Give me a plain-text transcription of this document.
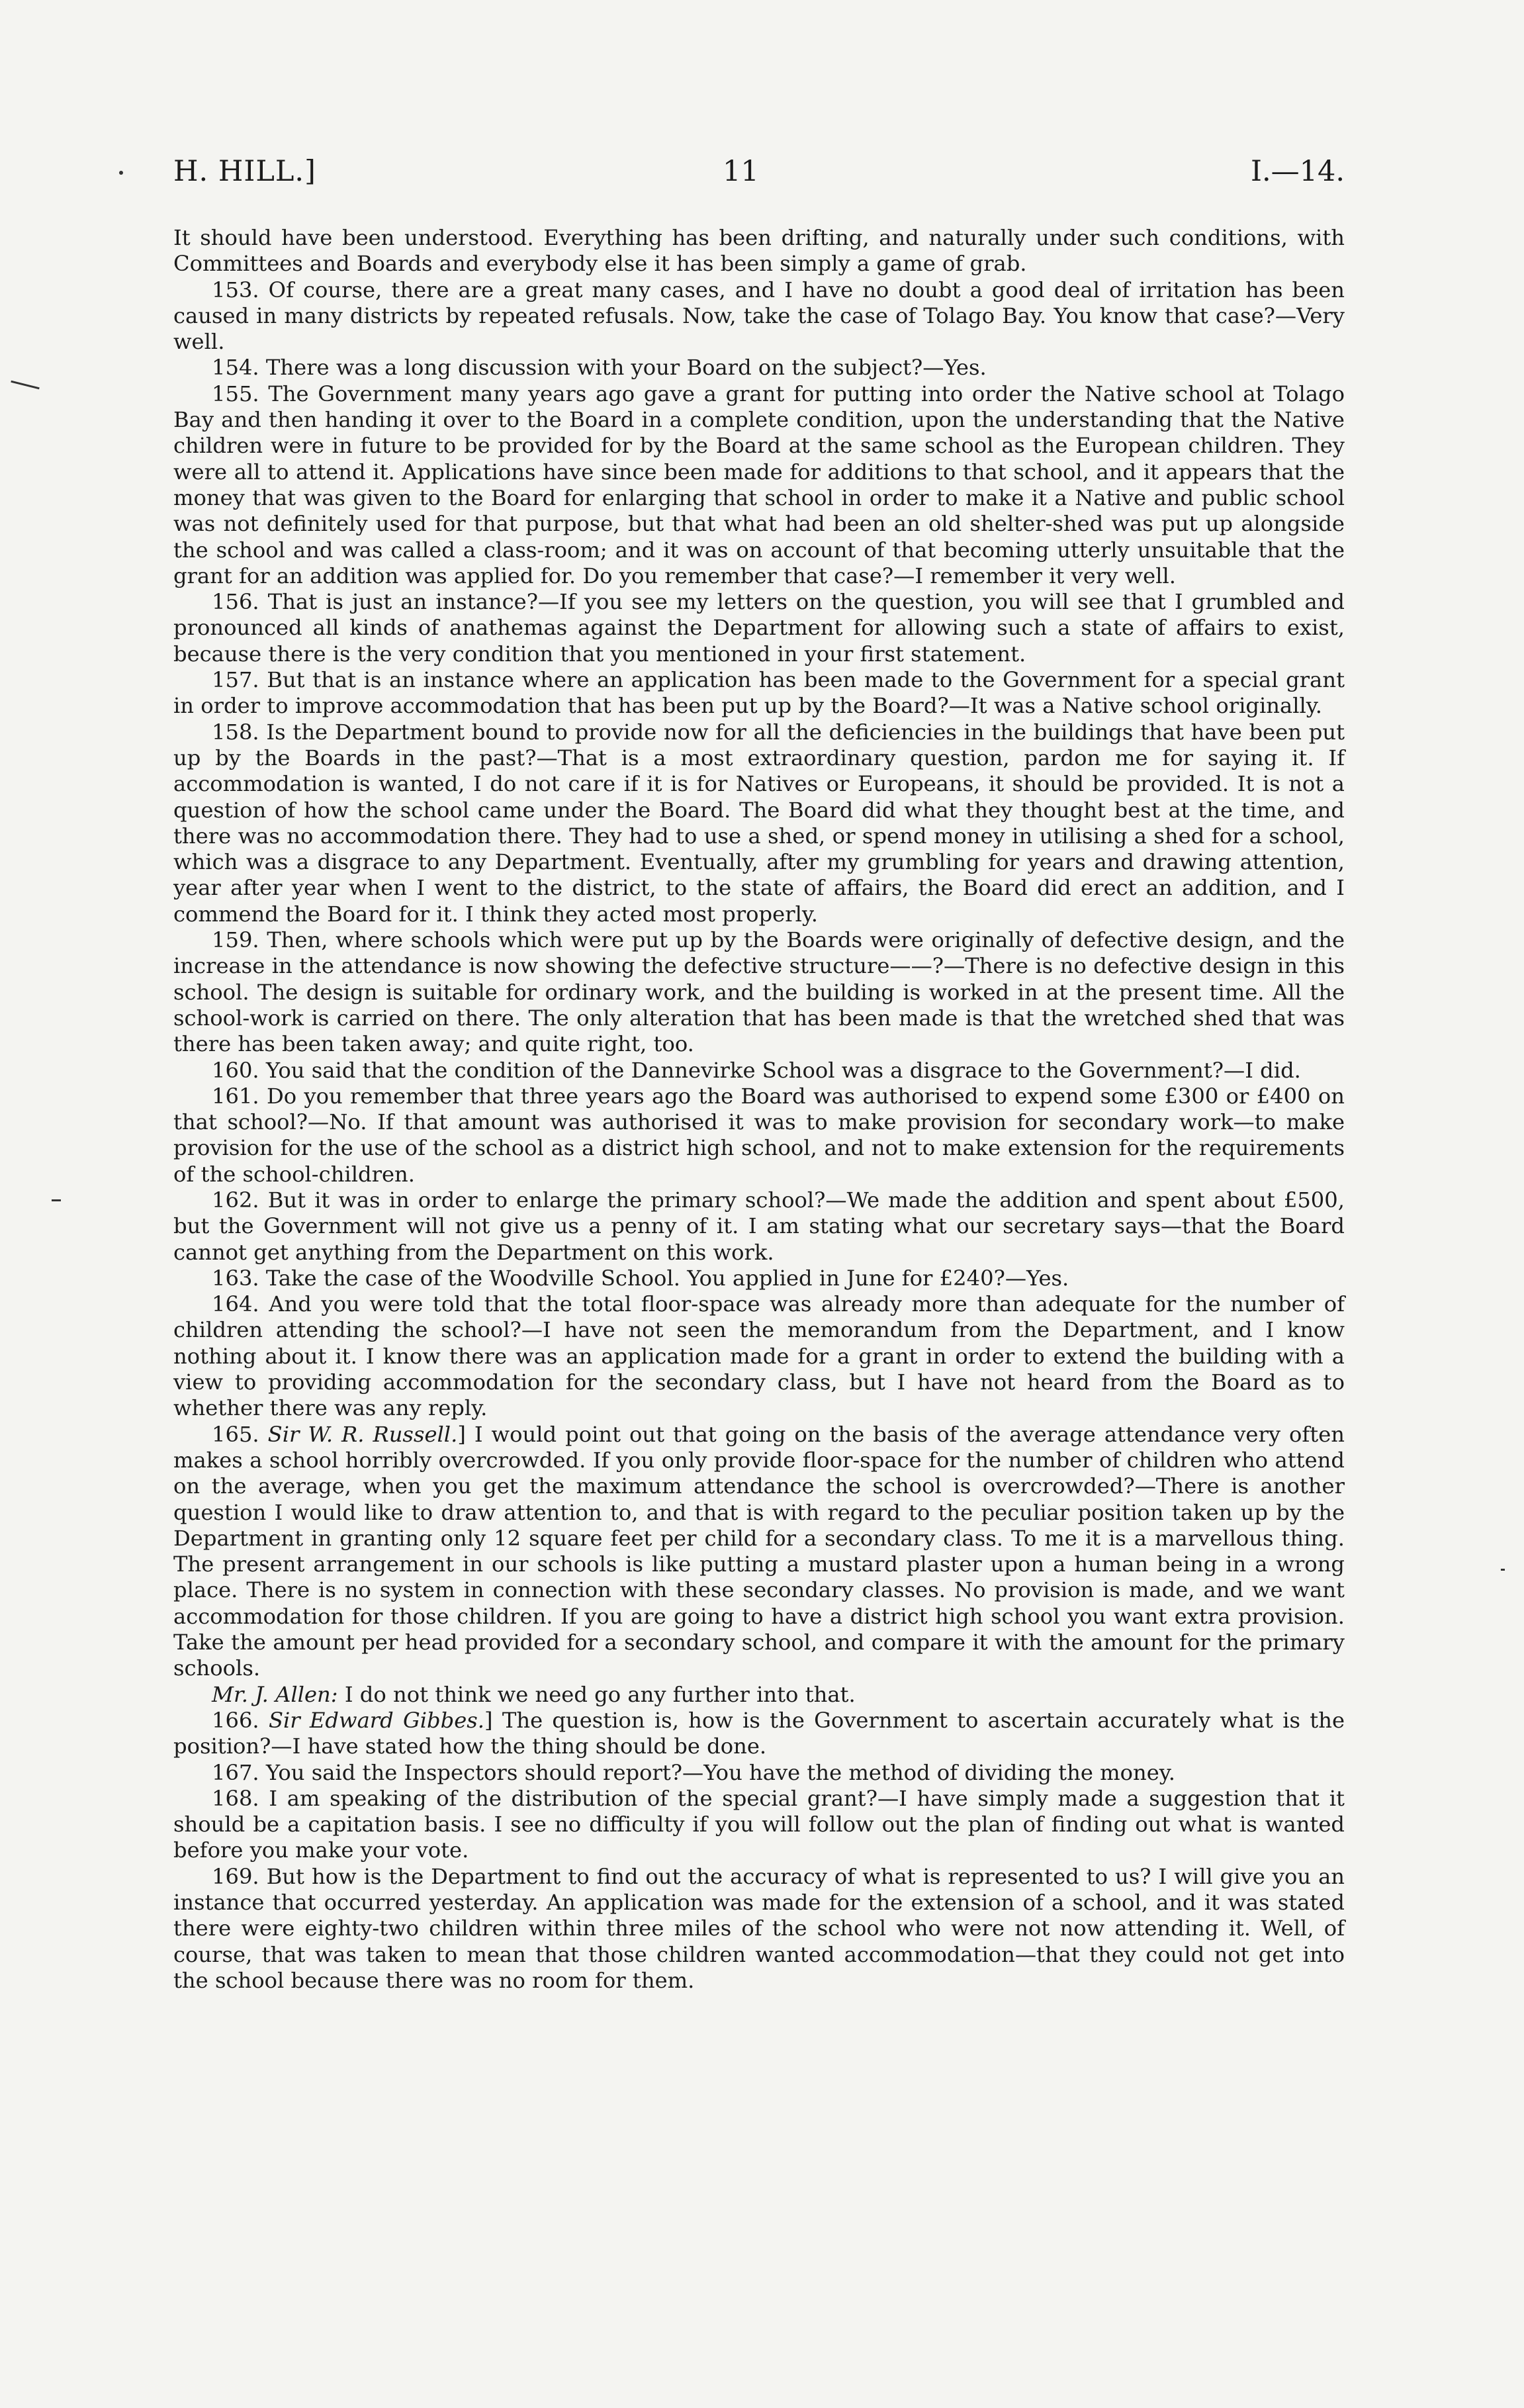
H. HILL.]	11	I.—14.

It should have been understood. Everything has been drifting, and naturally under such conditions, with Committees and Boards and everybody else it has been simply a game of grab.

153. Of course, there are a great many cases, and I have no doubt a good deal of irritation has been caused in many districts by repeated refusals. Now, take the case of Tolago Bay. You know that case?—Very well.

154. There was a long discussion with your Board on the subject?—Yes.

155. The Government many years ago gave a grant for putting into order the Native school at Tolago Bay and then handing it over to the Board in a complete condition, upon the understanding that the Native children were in future to be provided for by the Board at the same school as the European children. They were all to attend it. Applications have since been made for additions to that school, and it appears that the money that was given to the Board for enlarging that school in order to make it a Native and public school was not definitely used for that purpose, but that what had been an old shelter-shed was put up alongside the school and was called a class-room; and it was on account of that becoming utterly unsuitable that the grant for an addition was applied for. Do you remember that case?—I remember it very well.

156. That is just an instance?—If you see my letters on the question, you will see that I grumbled and pronounced all kinds of anathemas against the Department for allowing such a state of affairs to exist, because there is the very condition that you mentioned in your first statement.

157. But that is an instance where an application has been made to the Government for a special grant in order to improve accommodation that has been put up by the Board?—It was a Native school originally.

158. Is the Department bound to provide now for all the deficiencies in the buildings that have been put up by the Boards in the past?—That is a most extraordinary question, pardon me for saying it. If accommodation is wanted, I do not care if it is for Natives or Europeans, it should be provided. It is not a question of how the school came under the Board. The Board did what they thought best at the time, and there was no accommodation there. They had to use a shed, or spend money in utilising a shed for a school, which was a disgrace to any Department. Eventually, after my grumbling for years and drawing attention, year after year when I went to the district, to the state of affairs, the Board did erect an addition, and I commend the Board for it. I think they acted most properly.

159. Then, where schools which were put up by the Boards were originally of defective design, and the increase in the attendance is now showing the defective structure——?—There is no defective design in this school. The design is suitable for ordinary work, and the building is worked in at the present time. All the school-work is carried on there. The only alteration that has been made is that the wretched shed that was there has been taken away; and quite right, too.

160. You said that the condition of the Dannevirke School was a disgrace to the Government?—I did.

161. Do you remember that three years ago the Board was authorised to expend some £300 or £400 on that school?—No. If that amount was authorised it was to make provision for secondary work—to make provision for the use of the school as a district high school, and not to make extension for the requirements of the school-children.

162. But it was in order to enlarge the primary school?—We made the addition and spent about £500, but the Government will not give us a penny of it. I am stating what our secretary says—that the Board cannot get anything from the Department on this work.

163. Take the case of the Woodville School. You applied in June for £240?—Yes.

164. And you were told that the total floor-space was already more than adequate for the number of children attending the school?—I have not seen the memorandum from the Department, and I know nothing about it. I know there was an application made for a grant in order to extend the building with a view to providing accommodation for the secondary class, but I have not heard from the Board as to whether there was any reply.

165. Sir W. R. Russell.] I would point out that going on the basis of the average attendance very often makes a school horribly overcrowded. If you only provide floor-space for the number of children who attend on the average, when you get the maximum attendance the school is overcrowded?—There is another question I would like to draw attention to, and that is with regard to the peculiar position taken up by the Department in granting only 12 square feet per child for a secondary class. To me it is a marvellous thing. The present arrangement in our schools is like putting a mustard plaster upon a human being in a wrong place. There is no system in connection with these secondary classes. No provision is made, and we want accommodation for those children. If you are going to have a district high school you want extra provision. Take the amount per head provided for a secondary school, and compare it with the amount for the primary schools.

Mr. J. Allen: I do not think we need go any further into that.

166. Sir Edward Gibbes.] The question is, how is the Government to ascertain accurately what is the position?—I have stated how the thing should be done.

167. You said the Inspectors should report?—You have the method of dividing the money.

168. I am speaking of the distribution of the special grant?—I have simply made a suggestion that it should be a capitation basis. I see no difficulty if you will follow out the plan of finding out what is wanted before you make your vote.

169. But how is the Department to find out the accuracy of what is represented to us? I will give you an instance that occurred yesterday. An application was made for the extension of a school, and it was stated there were eighty-two children within three miles of the school who were not now attending it. Well, of course, that was taken to mean that those children wanted accommodation—that they could not get into the school because there was no room for them.
